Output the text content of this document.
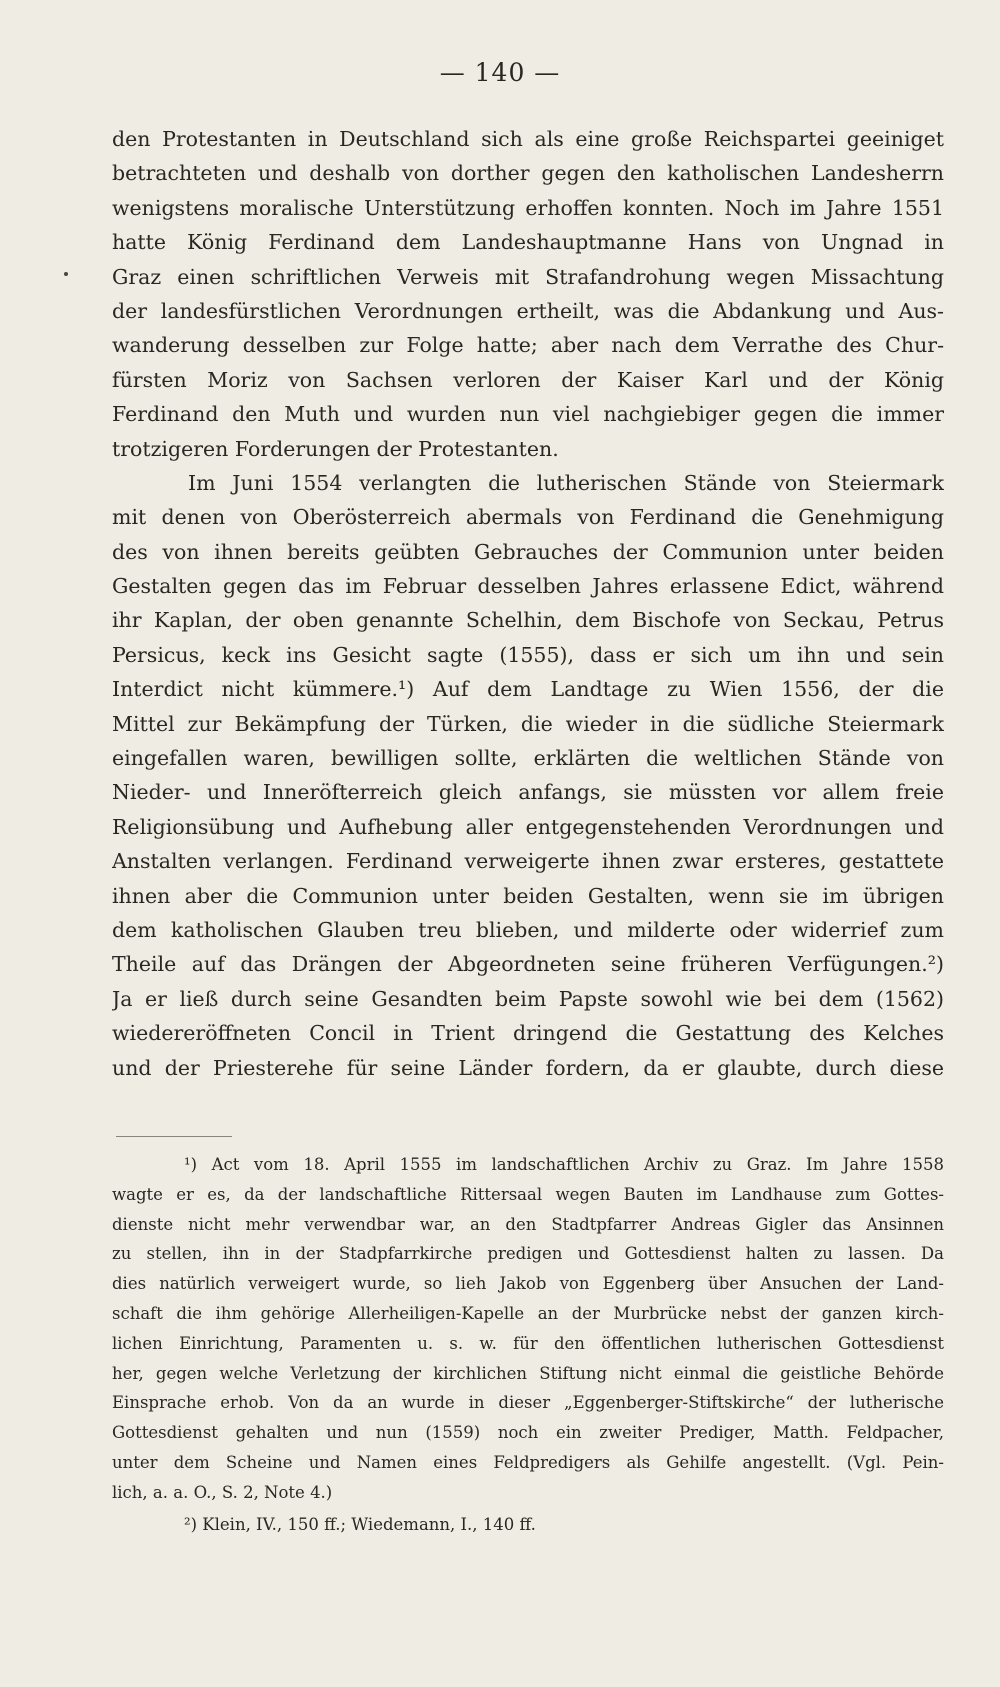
— 140 —
den Protestanten in Deutschland sich als eine große Reichspartei geeiniget
betrachteten und deshalb von dorther gegen den katholischen Landesherrn
wenigstens moralische Unterstützung erhoffen konnten. Noch im Jahre 1551
hatte König Ferdinand dem Landeshauptmanne Hans von Ungnad in
Graz einen schriftlichen Verweis mit Strafandrohung wegen Missachtung
der landesfürstlichen Verordnungen ertheilt, was die Abdankung und Aus-
wanderung desselben zur Folge hatte; aber nach dem Verrathe des Chur-
fürsten Moriz von Sachsen verloren der Kaiser Karl und der König
Ferdinand den Muth und wurden nun viel nachgiebiger gegen die immer
trotzigeren Forderungen der Protestanten.
Im Juni 1554 verlangten die lutherischen Stände von Steiermark
mit denen von Oberösterreich abermals von Ferdinand die Genehmigung
des von ihnen bereits geübten Gebrauches der Communion unter beiden
Gestalten gegen das im Februar desselben Jahres erlassene Edict, während
ihr Kaplan, der oben genannte Schelhin, dem Bischofe von Seckau, Petrus
Persicus, keck ins Gesicht sagte (1555), dass er sich um ihn und sein
Interdict nicht kümmere.¹) Auf dem Landtage zu Wien 1556, der die
Mittel zur Bekämpfung der Türken, die wieder in die südliche Steiermark
eingefallen waren, bewilligen sollte, erklärten die weltlichen Stände von
Nieder- und Inneröfterreich gleich anfangs, sie müssten vor allem freie
Religionsübung und Aufhebung aller entgegenstehenden Verordnungen und
Anstalten verlangen. Ferdinand verweigerte ihnen zwar ersteres, gestattete
ihnen aber die Communion unter beiden Gestalten, wenn sie im übrigen
dem katholischen Glauben treu blieben, und milderte oder widerrief zum
Theile auf das Drängen der Abgeordneten seine früheren Verfügungen.²)
Ja er ließ durch seine Gesandten beim Papste sowohl wie bei dem (1562)
wiedereröffneten Concil in Trient dringend die Gestattung des Kelches
und der Priesterehe für seine Länder fordern, da er glaubte, durch diese
¹) Act vom 18. April 1555 im landschaftlichen Archiv zu Graz. Im Jahre 1558
wagte er es, da der landschaftliche Rittersaal wegen Bauten im Landhause zum Gottes-
dienste nicht mehr verwendbar war, an den Stadtpfarrer Andreas Gigler das Ansinnen
zu stellen, ihn in der Stadpfarrkirche predigen und Gottesdienst halten zu lassen. Da
dies natürlich verweigert wurde, so lieh Jakob von Eggenberg über Ansuchen der Land-
schaft die ihm gehörige Allerheiligen-Kapelle an der Murbrücke nebst der ganzen kirch-
lichen Einrichtung, Paramenten u. s. w. für den öffentlichen lutherischen Gottesdienst
her, gegen welche Verletzung der kirchlichen Stiftung nicht einmal die geistliche Behörde
Einsprache erhob. Von da an wurde in dieser „Eggenberger-Stiftskirche“ der lutherische
Gottesdienst gehalten und nun (1559) noch ein zweiter Prediger, Matth. Feldpacher,
unter dem Scheine und Namen eines Feldpredigers als Gehilfe angestellt. (Vgl. Pein-
lich, a. a. O., S. 2, Note 4.)
²) Klein, IV., 150 ff.; Wiedemann, I., 140 ff.
